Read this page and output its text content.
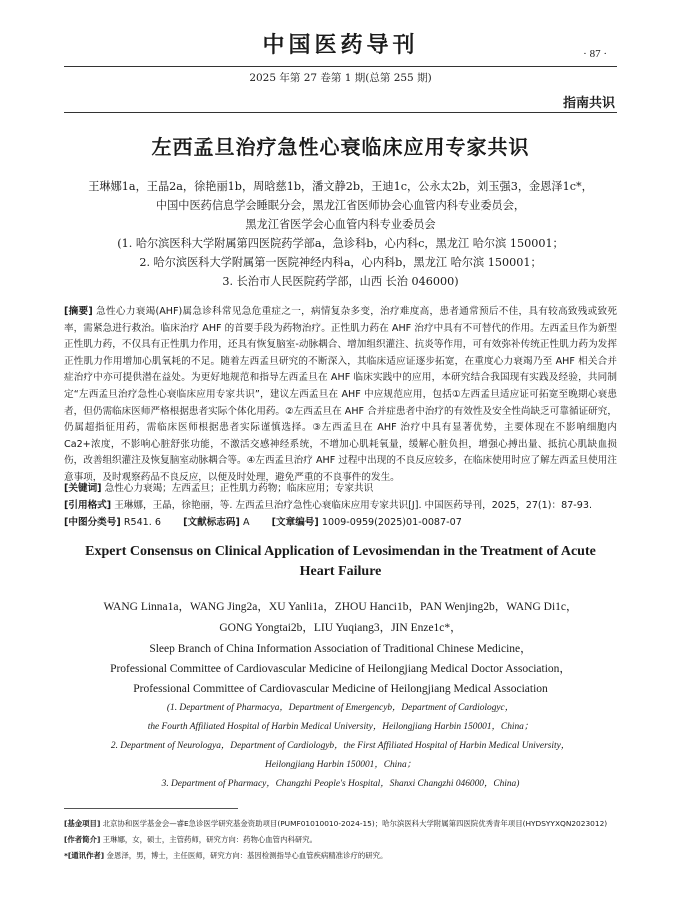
中国医药导刊	· 87 ·
2025 年第 27 卷第 1 期(总第 255 期)
指南共识
左西孟旦治疗急性心衰临床应用专家共识
王琳娜1a，王晶2a，徐艳丽1b，周晗慈1b，潘文静2b，王迪1c，公永太2b，刘玉强3，金恩泽1c*，
中国中医药信息学会睡眠分会，黑龙江省医师协会心血管内科专业委员会，
黑龙江省医学会心血管内科专业委员会
(1. 哈尔滨医科大学附属第四医院药学部a，急诊科b，心内科c，黑龙江 哈尔滨 150001；
2. 哈尔滨医科大学附属第一医院神经内科a，心内科b，黑龙江 哈尔滨 150001；
3. 长治市人民医院药学部，山西 长治 046000)
[摘要] 急性心力衰竭(AHF)属急诊科常见急危重症之一，病情复杂多变，治疗难度高，患者通常预后不佳，具有较高致残或致死率，需紧急进行救治。临床治疗 AHF 的首要手段为药物治疗。正性肌力药在 AHF 治疗中具有不可替代的作用。左西孟旦作为新型正性肌力药，不仅具有正性肌力作用，还具有恢复脑室-动脉耦合、增加组织灌注、抗炎等作用，可有效弥补传统正性肌力药为发挥正性肌力作用增加心肌氧耗的不足。随着左西孟旦研究的不断深入，其临床适应证逐步拓宽，在重度心力衰竭乃至 AHF 相关合并症治疗中亦可提供潜在益处。为更好地规范和指导左西孟旦在 AHF 临床实践中的应用，本研究结合我国现有实践及经验，共同制定“左西孟旦治疗急性心衰临床应用专家共识”，建议左西孟旦在 AHF 中应规范应用，包括①左西孟旦适应证可拓宽至晚期心衰患者，但仍需临床医师严格根据患者实际个体化用药。②左西孟旦在 AHF 合并症患者中治疗的有效性及安全性尚缺乏可靠循证研究，仍属超指征用药，需临床医师根据患者实际谨慎选择。③左西孟旦在 AHF 治疗中具有显著优势，主要体现在不影响细胞内 Ca2+浓度，不影响心脏舒张功能，不激活交感神经系统，不增加心肌耗氧量，缓解心脏负担，增强心搏出量、抵抗心肌缺血损伤，改善组织灌注及恢复脑室动脉耦合等。④左西孟旦治疗 AHF 过程中出现的不良反应较多，在临床使用时应了解左西孟旦使用注意事项，及时观察药品不良反应，以便及时处理，避免严重的不良事件的发生。
[关键词] 急性心力衰竭；左西孟旦；正性肌力药物；临床应用；专家共识
[引用格式] 王琳娜，王晶，徐艳丽，等. 左西孟旦治疗急性心衰临床应用专家共识[J]. 中国医药导刊，2025，27(1)：87-93.
[中图分类号] R541. 6 [文献标志码] A [文章编号] 1009-0959(2025)01-0087-07
Expert Consensus on Clinical Application of Levosimendan in the Treatment of Acute Heart Failure
WANG Linna1a，WANG Jing2a，XU Yanli1a，ZHOU Hanci1b，PAN Wenjing2b，WANG Di1c，
GONG Yongtai2b，LIU Yuqiang3，JIN Enze1c*，
Sleep Branch of China Information Association of Traditional Chinese Medicine，
Professional Committee of Cardiovascular Medicine of Heilongjiang Medical Doctor Association，
Professional Committee of Cardiovascular Medicine of Heilongjiang Medical Association
(1. Department of Pharmacya，Department of Emergencyb，Department of Cardiologyc，
the Fourth Affiliated Hospital of Harbin Medical University，Heilongjiang Harbin 150001，China；
2. Department of Neurologya，Department of Cardiologyb，the First Affiliated Hospital of Harbin Medical University，
Heilongjiang Harbin 150001，China；
3. Department of Pharmacy，Changzhi People's Hospital，Shanxi Changzhi 046000，China)
[基金项目] 北京协和医学基金会—睿E急诊医学研究基金资助项目(PUMF01010010-2024-15)；哈尔滨医科大学附属第四医院优秀青年项目(HYDSYYXQN2023012)
[作者简介] 王琳娜，女，硕士，主管药师，研究方向：药物心血管内科研究。
*[通讯作者] 金恩泽，男，博士，主任医师，研究方向：基因检测指导心血管疾病精准诊疗的研究。
